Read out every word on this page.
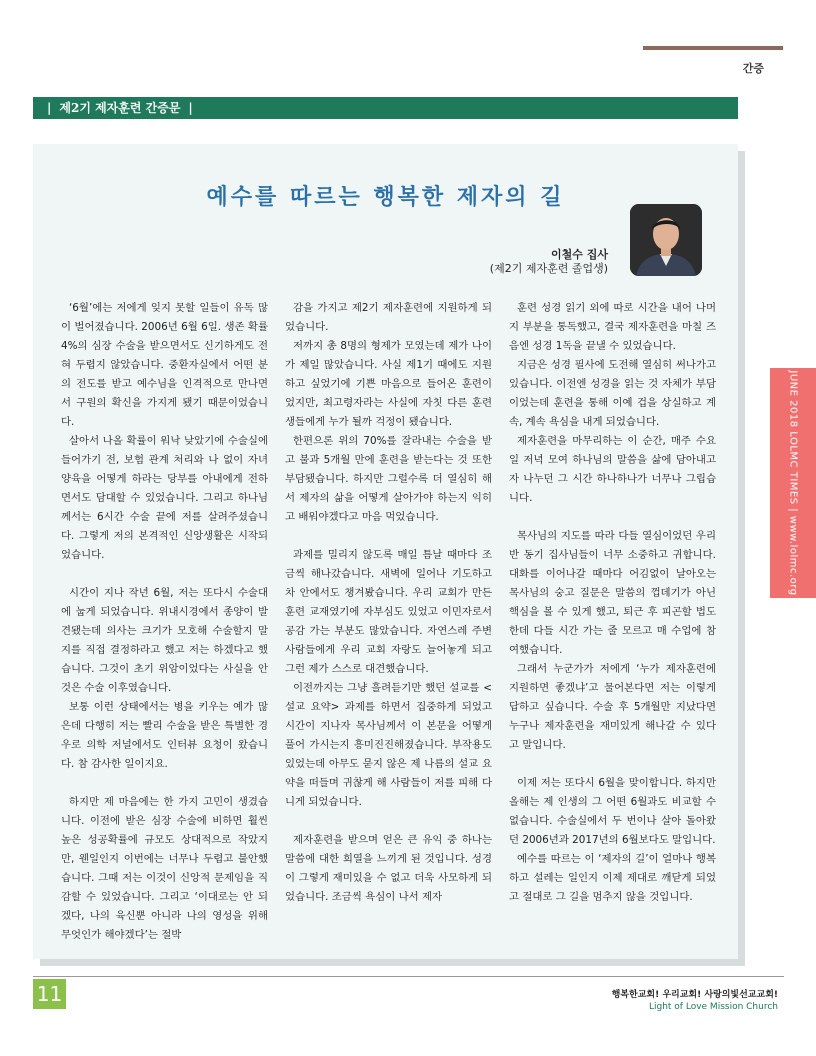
간증
| 제2기 제자훈련 간증문 |
예수를 따르는 행복한 제자의 길
이철수 집사
(제2기 제자훈련 졸업생)

‘6월’에는 저에게 잊지 못할 일들이 유독 많이 벌어졌습니다. 2006년 6월 6일. 생존 확률 4%의 심장 수술을 받으면서도 신기하게도 전혀 두렵지 않았습니다. 중환자실에서 어떤 분의 전도를 받고 예수님을 인격적으로 만나면서 구원의 확신을 가지게 됐기 때문이었습니다.

살아서 나올 확률이 워낙 낮았기에 수술실에 들어가기 전, 보험 관계 처리와 나 없이 자녀 양육을 어떻게 하라는 당부를 아내에게 전하면서도 담대할 수 있었습니다. 그리고 하나님께서는 6시간 수술 끝에 저를 살려주셨습니다. 그렇게 저의 본격적인 신앙생활은 시작되었습니다.

시간이 지나 작년 6월, 저는 또다시 수술대에 눕게 되었습니다. 위내시경에서 종양이 발견됐는데 의사는 크기가 모호해 수술할지 말지를 직접 결정하라고 했고 저는 하겠다고 했습니다. 그것이 초기 위암이었다는 사실을 안 것은 수술 이후였습니다.

보통 이런 상태에서는 병을 키우는 예가 많은데 다행히 저는 빨리 수술을 받은 특별한 경우로 의학 저널에서도 인터뷰 요청이 왔습니다. 참 감사한 일이지요.

하지만 제 마음에는 한 가지 고민이 생겼습니다. 이전에 받은 심장 수술에 비하면 훨씬 높은 성공확률에 규모도 상대적으로 작았지만, 웬일인지 이번에는 너무나 두렵고 불안했습니다. 그때 저는 이것이 신앙적 문제임을 직감할 수 있었습니다. 그리고 ‘이대로는 안 되겠다, 나의 육신뿐 아니라 나의 영성을 위해 무엇인가 해야겠다’는 절박

감을 가지고 제2기 제자훈련에 지원하게 되었습니다.

저까지 총 8명의 형제가 모였는데 제가 나이가 제일 많았습니다. 사실 제1기 때에도 지원하고 싶었기에 기쁜 마음으로 들어온 훈련이었지만, 최고령자라는 사실에 자칫 다른 훈련생들에게 누가 될까 걱정이 됐습니다.

한편으론 위의 70%를 잘라내는 수술을 받고 불과 5개월 만에 훈련을 받는다는 것 또한 부담됐습니다. 하지만 그럴수록 더 열심히 해서 제자의 삶을 어떻게 살아가야 하는지 익히고 배워야겠다고 마음 먹었습니다.

과제를 밀리지 않도록 매일 틈날 때마다 조금씩 해나갔습니다. 새벽에 일어나 기도하고 차 안에서도 챙겨봤습니다. 우리 교회가 만든 훈련 교재였기에 자부심도 있었고 이민자로서 공감 가는 부분도 많았습니다. 자연스레 주변 사람들에게 우리 교회 자랑도 늘어놓게 되고 그런 제가 스스로 대견했습니다.

이전까지는 그냥 흘려듣기만 했던 설교를 <설교 요약> 과제를 하면서 집중하게 되었고 시간이 지나자 목사님께서 이 본문을 어떻게 풀어 가시는지 흥미진진해졌습니다. 부작용도 있었는데 아무도 묻지 않은 제 나름의 설교 요약을 떠들며 귀찮게 해 사람들이 저를 피해 다니게 되었습니다.

제자훈련을 받으며 얻은 큰 유익 중 하나는 말씀에 대한 희열을 느끼게 된 것입니다. 성경이 그렇게 재미있을 수 없고 더욱 사모하게 되었습니다. 조금씩 욕심이 나서 제자

훈련 성경 읽기 외에 따로 시간을 내어 나머지 부분을 통독했고, 결국 제자훈련을 마칠 즈음엔 성경 1독을 끝낼 수 있었습니다.

지금은 성경 필사에 도전해 열심히 써나가고 있습니다. 이전엔 성경을 읽는 것 자체가 부담이었는데 훈련을 통해 이예 겁을 상실하고 계속, 계속 욕심을 내게 되었습니다.

제자훈련을 마무리하는 이 순간, 매주 수요일 저녁 모여 하나님의 말씀을 삶에 담아내고자 나누던 그 시간 하나하나가 너무나 그립습니다.

목사님의 지도를 따라 다들 열심이었던 우리 반 동기 집사님들이 너무 소중하고 귀합니다. 대화를 이어나갈 때마다 어김없이 날아오는 목사님의 숭고 질문은 말씀의 껍데기가 아닌 핵심을 볼 수 있게 했고, 퇴근 후 피곤할 법도 한데 다들 시간 가는 줄 모르고 매 수업에 참여했습니다.

그래서 누군가가 저에게 ‘누가 제자훈련에 지원하면 좋겠냐’고 물어본다면 저는 이렇게 답하고 싶습니다. 수술 후 5개월만 지났다면 누구나 제자훈련을 재미있게 해나갈 수 있다고 말입니다.

이제 저는 또다시 6월을 맞이합니다. 하지만 올해는 제 인생의 그 어떤 6월과도 비교할 수 없습니다. 수술실에서 두 번이나 살아 돌아왔던 2006년과 2017년의 6월보다도 말입니다.

예수를 따르는 이 ‘제자의 길’이 얼마나 행복하고 설레는 일인지 이제 제대로 깨닫게 되었고 절대로 그 길을 멈추지 않을 것입니다.

JUNE 2018 LOLMC TIMES | www.lolmc.org
11	행복한교회! 우리교회! 사랑의빛선교교회!
Light of Love Mission Church
